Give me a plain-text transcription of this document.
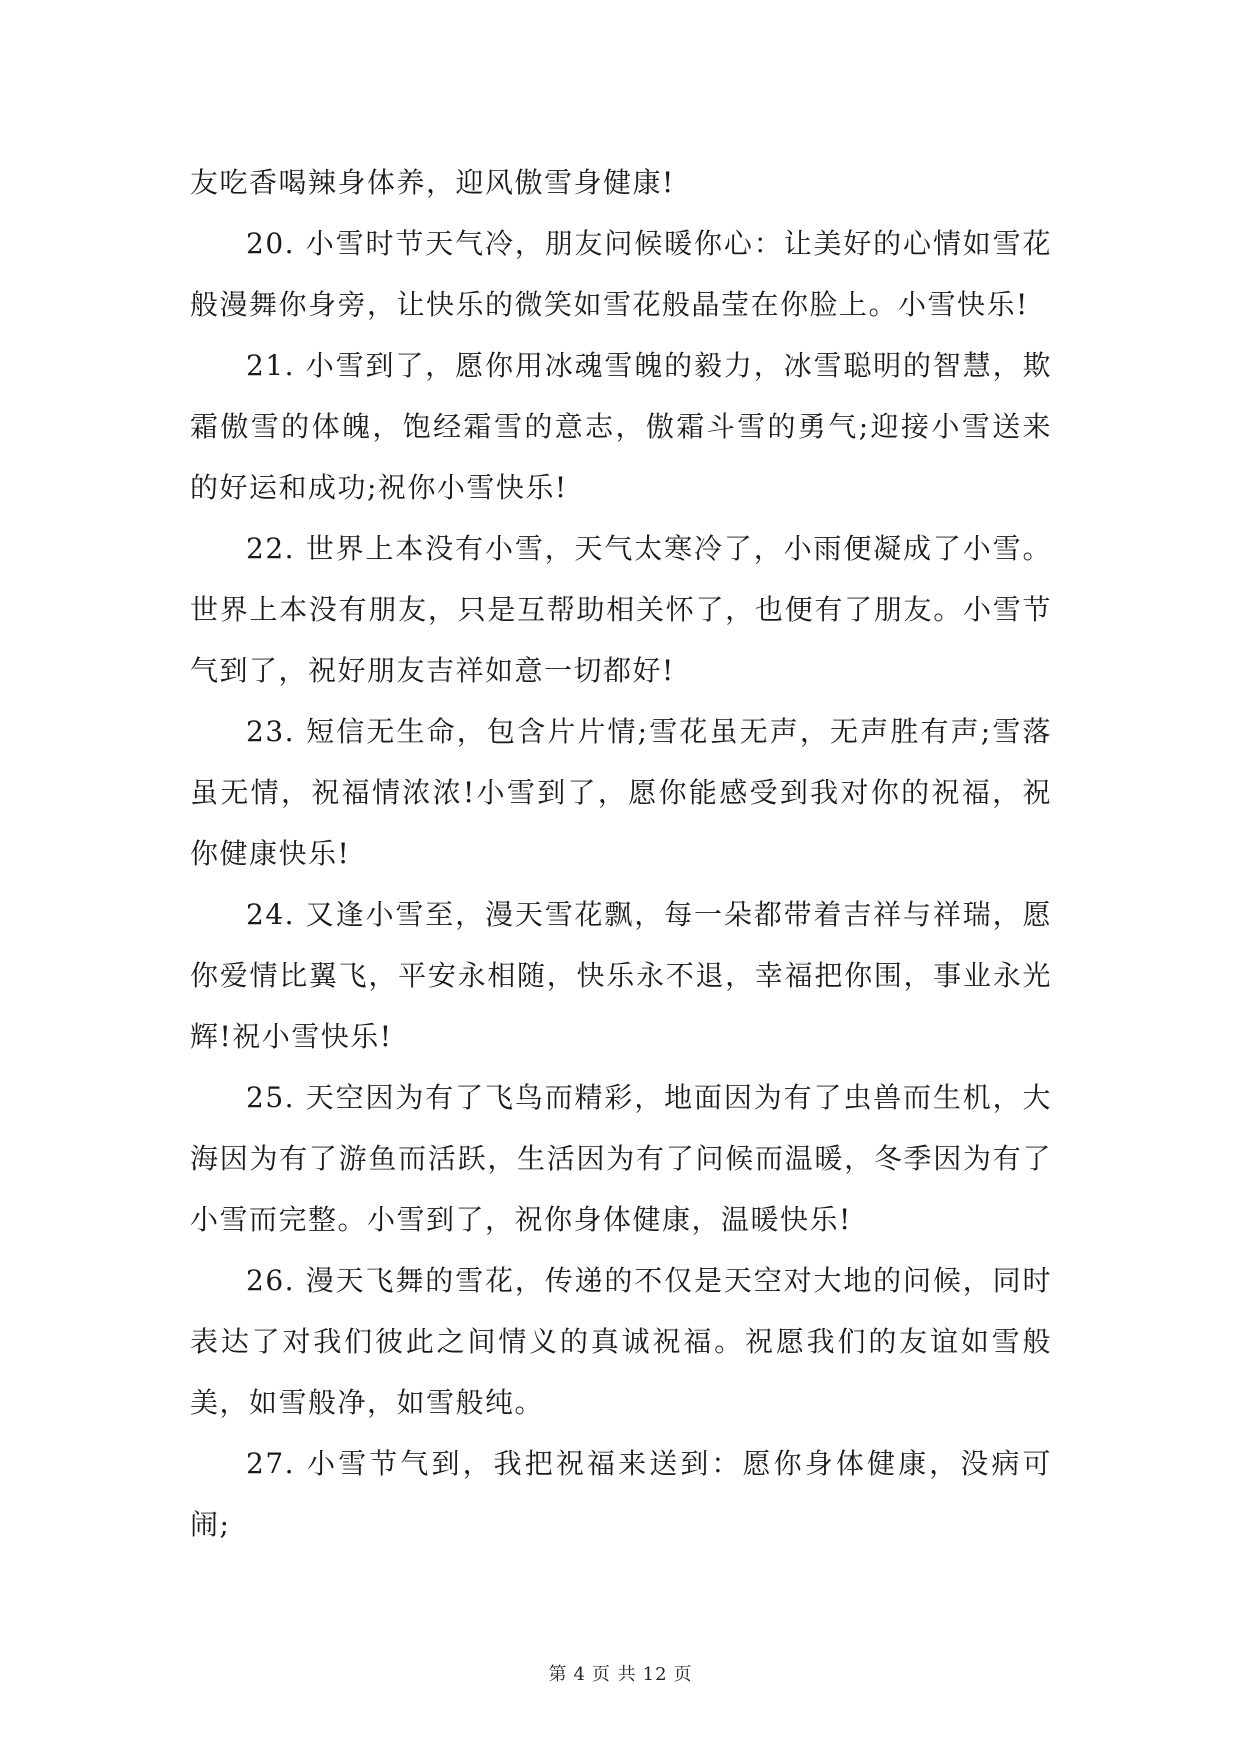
友吃香喝辣身体养，迎风傲雪身健康!

20. 小雪时节天气冷，朋友问候暖你心：让美好的心情如雪花般漫舞你身旁，让快乐的微笑如雪花般晶莹在你脸上。小雪快乐!

21. 小雪到了，愿你用冰魂雪魄的毅力，冰雪聪明的智慧，欺霜傲雪的体魄，饱经霜雪的意志，傲霜斗雪的勇气;迎接小雪送来的好运和成功;祝你小雪快乐!

22. 世界上本没有小雪，天气太寒冷了，小雨便凝成了小雪。世界上本没有朋友，只是互帮助相关怀了，也便有了朋友。小雪节气到了，祝好朋友吉祥如意一切都好!

23. 短信无生命，包含片片情;雪花虽无声，无声胜有声;雪落虽无情，祝福情浓浓!小雪到了，愿你能感受到我对你的祝福，祝你健康快乐!

24. 又逢小雪至，漫天雪花飘，每一朵都带着吉祥与祥瑞，愿你爱情比翼飞，平安永相随，快乐永不退，幸福把你围，事业永光辉!祝小雪快乐!

25. 天空因为有了飞鸟而精彩，地面因为有了虫兽而生机，大海因为有了游鱼而活跃，生活因为有了问候而温暖，冬季因为有了小雪而完整。小雪到了，祝你身体健康，温暖快乐!

26. 漫天飞舞的雪花，传递的不仅是天空对大地的问候，同时表达了对我们彼此之间情义的真诚祝福。祝愿我们的友谊如雪般美，如雪般净，如雪般纯。

27. 小雪节气到，我把祝福来送到：愿你身体健康，没病可闹;

第 4 页 共 12 页
